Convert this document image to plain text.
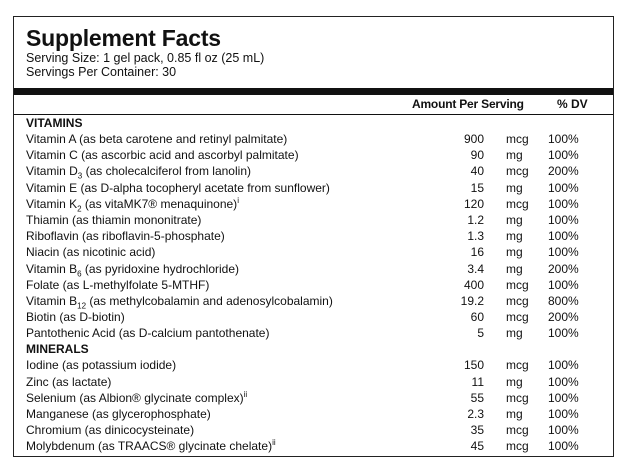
Supplement Facts
Serving Size: 1 gel pack, 0.85 fl oz (25 mL)
Servings Per Container: 30
Amount Per Serving	% DV
VITAMINS
Vitamin A (as beta carotene and retinyl palmitate)	900 mcg 100%
Vitamin C (as ascorbic acid and ascorbyl palmitate)	90 mg 100%
Vitamin $D_3$ (as cholecalciferol from lanolin)	40 mcg 200%
Vitamin E (as D-alpha tocopheryl acetate from sunflower)	15 mg 100%
Vitamin $K_2$ (as vitaMK7® menaquinone)$^i$	120 mcg 100%
Thiamin (as thiamin mononitrate)	1.2 mg 100%
Riboflavin (as riboflavin-5-phosphate)	1.3 mg 100%
Niacin (as nicotinic acid)	16 mg 100%
Vitamin $B_6$ (as pyridoxine hydrochloride)	3.4 mg 200%
Folate (as L-methylfolate 5-MTHF)	400 mcg 100%
Vitamin $B_{12}$ (as methylcobalamin and adenosylcobalamin)	19.2 mcg 800%
Biotin (as D-biotin)	60 mcg 200%
Pantothenic Acid (as D-calcium pantothenate)	5 mg 100%
MINERALS
Iodine (as potassium iodide)	150 mcg 100%
Zinc (as lactate)	11 mg 100%
Selenium (as Albion® glycinate complex)$^{ii}$	55 mcg 100%
Manganese (as glycerophosphate)	2.3 mg 100%
Chromium (as dinicocysteinate)	35 mcg 100%
Molybdenum (as TRAACS® glycinate chelate)$^{ii}$	45 mcg 100%
